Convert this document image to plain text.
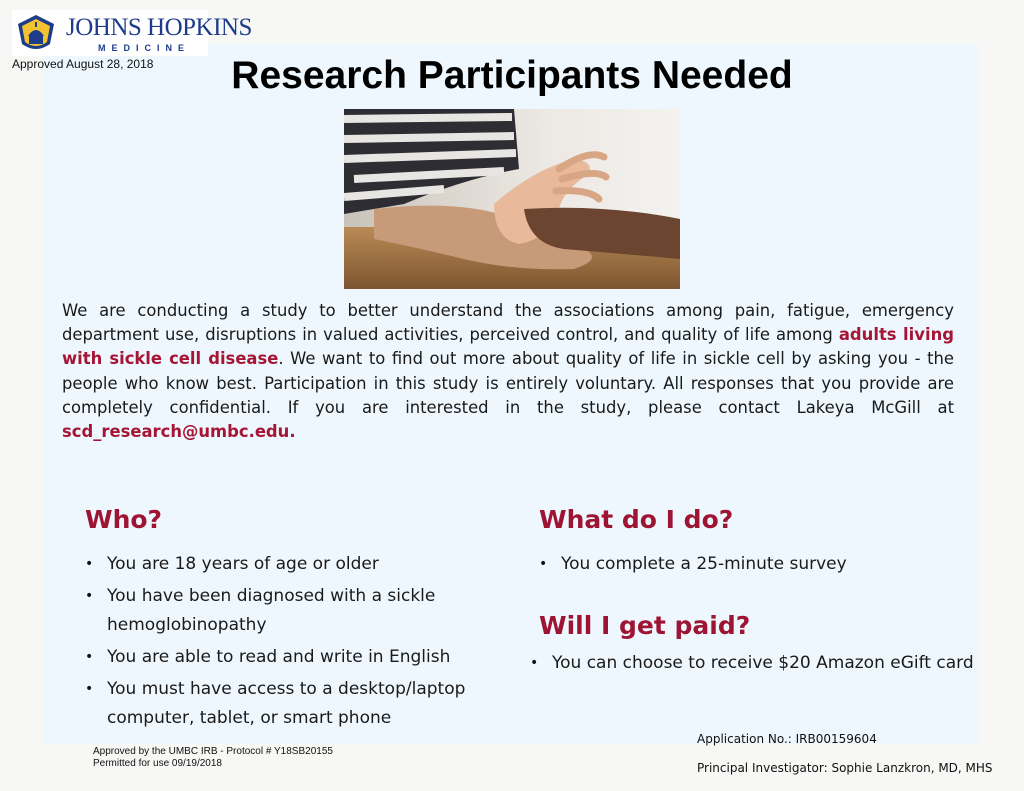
JOHNS HOPKINS
MEDICINE
Approved August 28, 2018	Research Participants Needed
We are conducting a study to better understand the associations among pain, fatigue, emergency department use, disruptions in valued activities, perceived control, and quality of life among adults living with sickle cell disease. We want to find out more about quality of life in sickle cell by asking you - the people who know best. Participation in this study is entirely voluntary. All responses that you provide are completely confidential. If you are interested in the study, please contact Lakeya McGill at scd_research@umbc.edu.
Who?
• You are 18 years of age or older
• You have been diagnosed with a sickle hemoglobinopathy
• You are able to read and write in English
• You must have access to a desktop/laptop computer, tablet, or smart phone
What do I do?
• You complete a 25-minute survey
Will I get paid?
• You can choose to receive $20 Amazon eGift card
Approved by the UMBC IRB - Protocol # Y18SB20155
Permitted for use 09/19/2018
Application No.: IRB00159604
Principal Investigator: Sophie Lanzkron, MD, MHS
